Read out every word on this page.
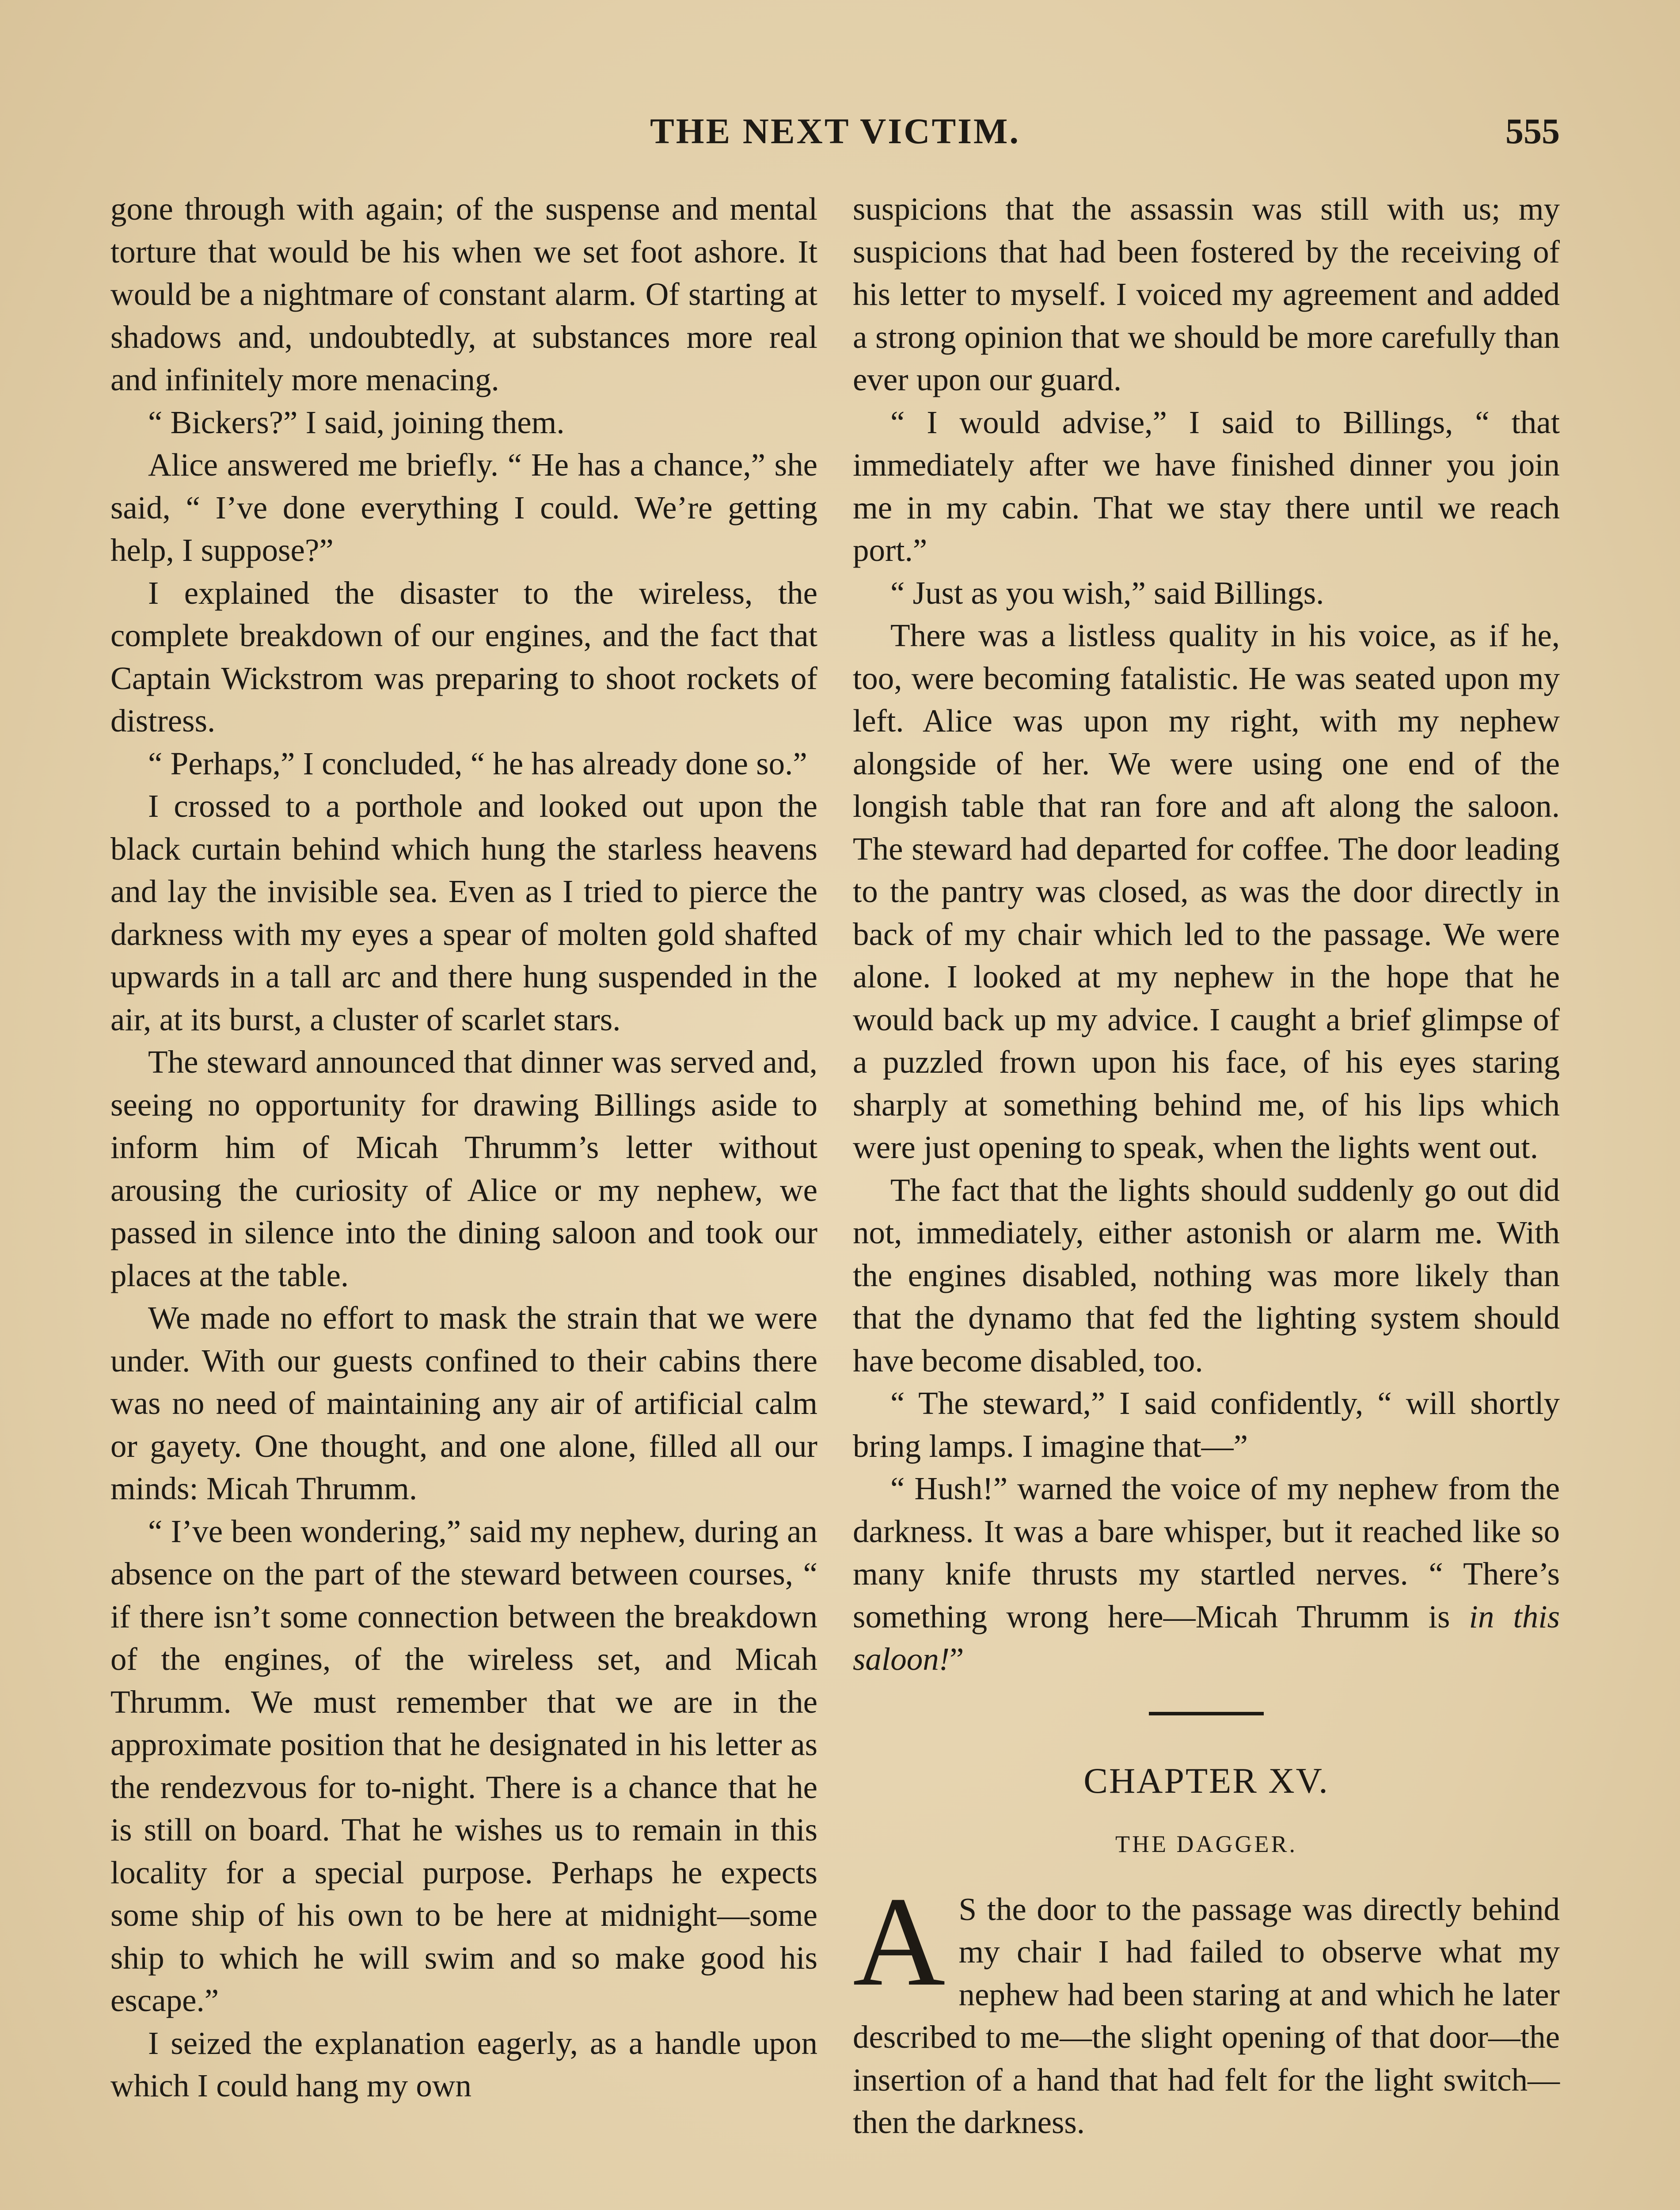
THE NEXT VICTIM.	555

gone through with again; of the suspense and mental torture that would be his when we set foot ashore. It would be a nightmare of constant alarm. Of starting at shadows and, undoubtedly, at substances more real and infinitely more menacing.

“ Bickers?” I said, joining them.

Alice answered me briefly. “ He has a chance,” she said, “ I’ve done everything I could. We’re getting help, I suppose?”

I explained the disaster to the wireless, the complete breakdown of our engines, and the fact that Captain Wickstrom was preparing to shoot rockets of distress.

“ Perhaps,” I concluded, “ he has already done so.”

I crossed to a porthole and looked out upon the black curtain behind which hung the starless heavens and lay the invisible sea. Even as I tried to pierce the darkness with my eyes a spear of molten gold shafted upwards in a tall arc and there hung suspended in the air, at its burst, a cluster of scarlet stars.

The steward announced that dinner was served and, seeing no opportunity for drawing Billings aside to inform him of Micah Thrumm’s letter without arousing the curiosity of Alice or my nephew, we passed in silence into the dining saloon and took our places at the table.

We made no effort to mask the strain that we were under. With our guests confined to their cabins there was no need of maintaining any air of artificial calm or gayety. One thought, and one alone, filled all our minds: Micah Thrumm.

“ I’ve been wondering,” said my nephew, during an absence on the part of the steward between courses, “ if there isn’t some connection between the breakdown of the engines, of the wireless set, and Micah Thrumm. We must remember that we are in the approximate position that he designated in his letter as the rendezvous for to-night. There is a chance that he is still on board. That he wishes us to remain in this locality for a special purpose. Perhaps he expects some ship of his own to be here at midnight—some ship to which he will swim and so make good his escape.”

I seized the explanation eagerly, as a handle upon which I could hang my own

suspicions that the assassin was still with us; my suspicions that had been fostered by the receiving of his letter to myself. I voiced my agreement and added a strong opinion that we should be more carefully than ever upon our guard.

“ I would advise,” I said to Billings, “ that immediately after we have finished dinner you join me in my cabin. That we stay there until we reach port.”

“ Just as you wish,” said Billings.

There was a listless quality in his voice, as if he, too, were becoming fatalistic. He was seated upon my left. Alice was upon my right, with my nephew alongside of her. We were using one end of the longish table that ran fore and aft along the saloon. The steward had departed for coffee. The door leading to the pantry was closed, as was the door directly in back of my chair which led to the passage. We were alone. I looked at my nephew in the hope that he would back up my advice. I caught a brief glimpse of a puzzled frown upon his face, of his eyes staring sharply at something behind me, of his lips which were just opening to speak, when the lights went out.

The fact that the lights should suddenly go out did not, immediately, either astonish or alarm me. With the engines disabled, nothing was more likely than that the dynamo that fed the lighting system should have become disabled, too.

“ The steward,” I said confidently, “ will shortly bring lamps. I imagine that—”

“ Hush!” warned the voice of my nephew from the darkness. It was a bare whisper, but it reached like so many knife thrusts my startled nerves. “ There’s something wrong here—Micah Thrumm is in this saloon!”

CHAPTER XV.
THE DAGGER.
A S the door to the passage was directly behind my chair I had failed to observe what my nephew had been staring at and which he later described to me—the slight opening of that door—the insertion of a hand that had felt for the light switch—then the darkness.
